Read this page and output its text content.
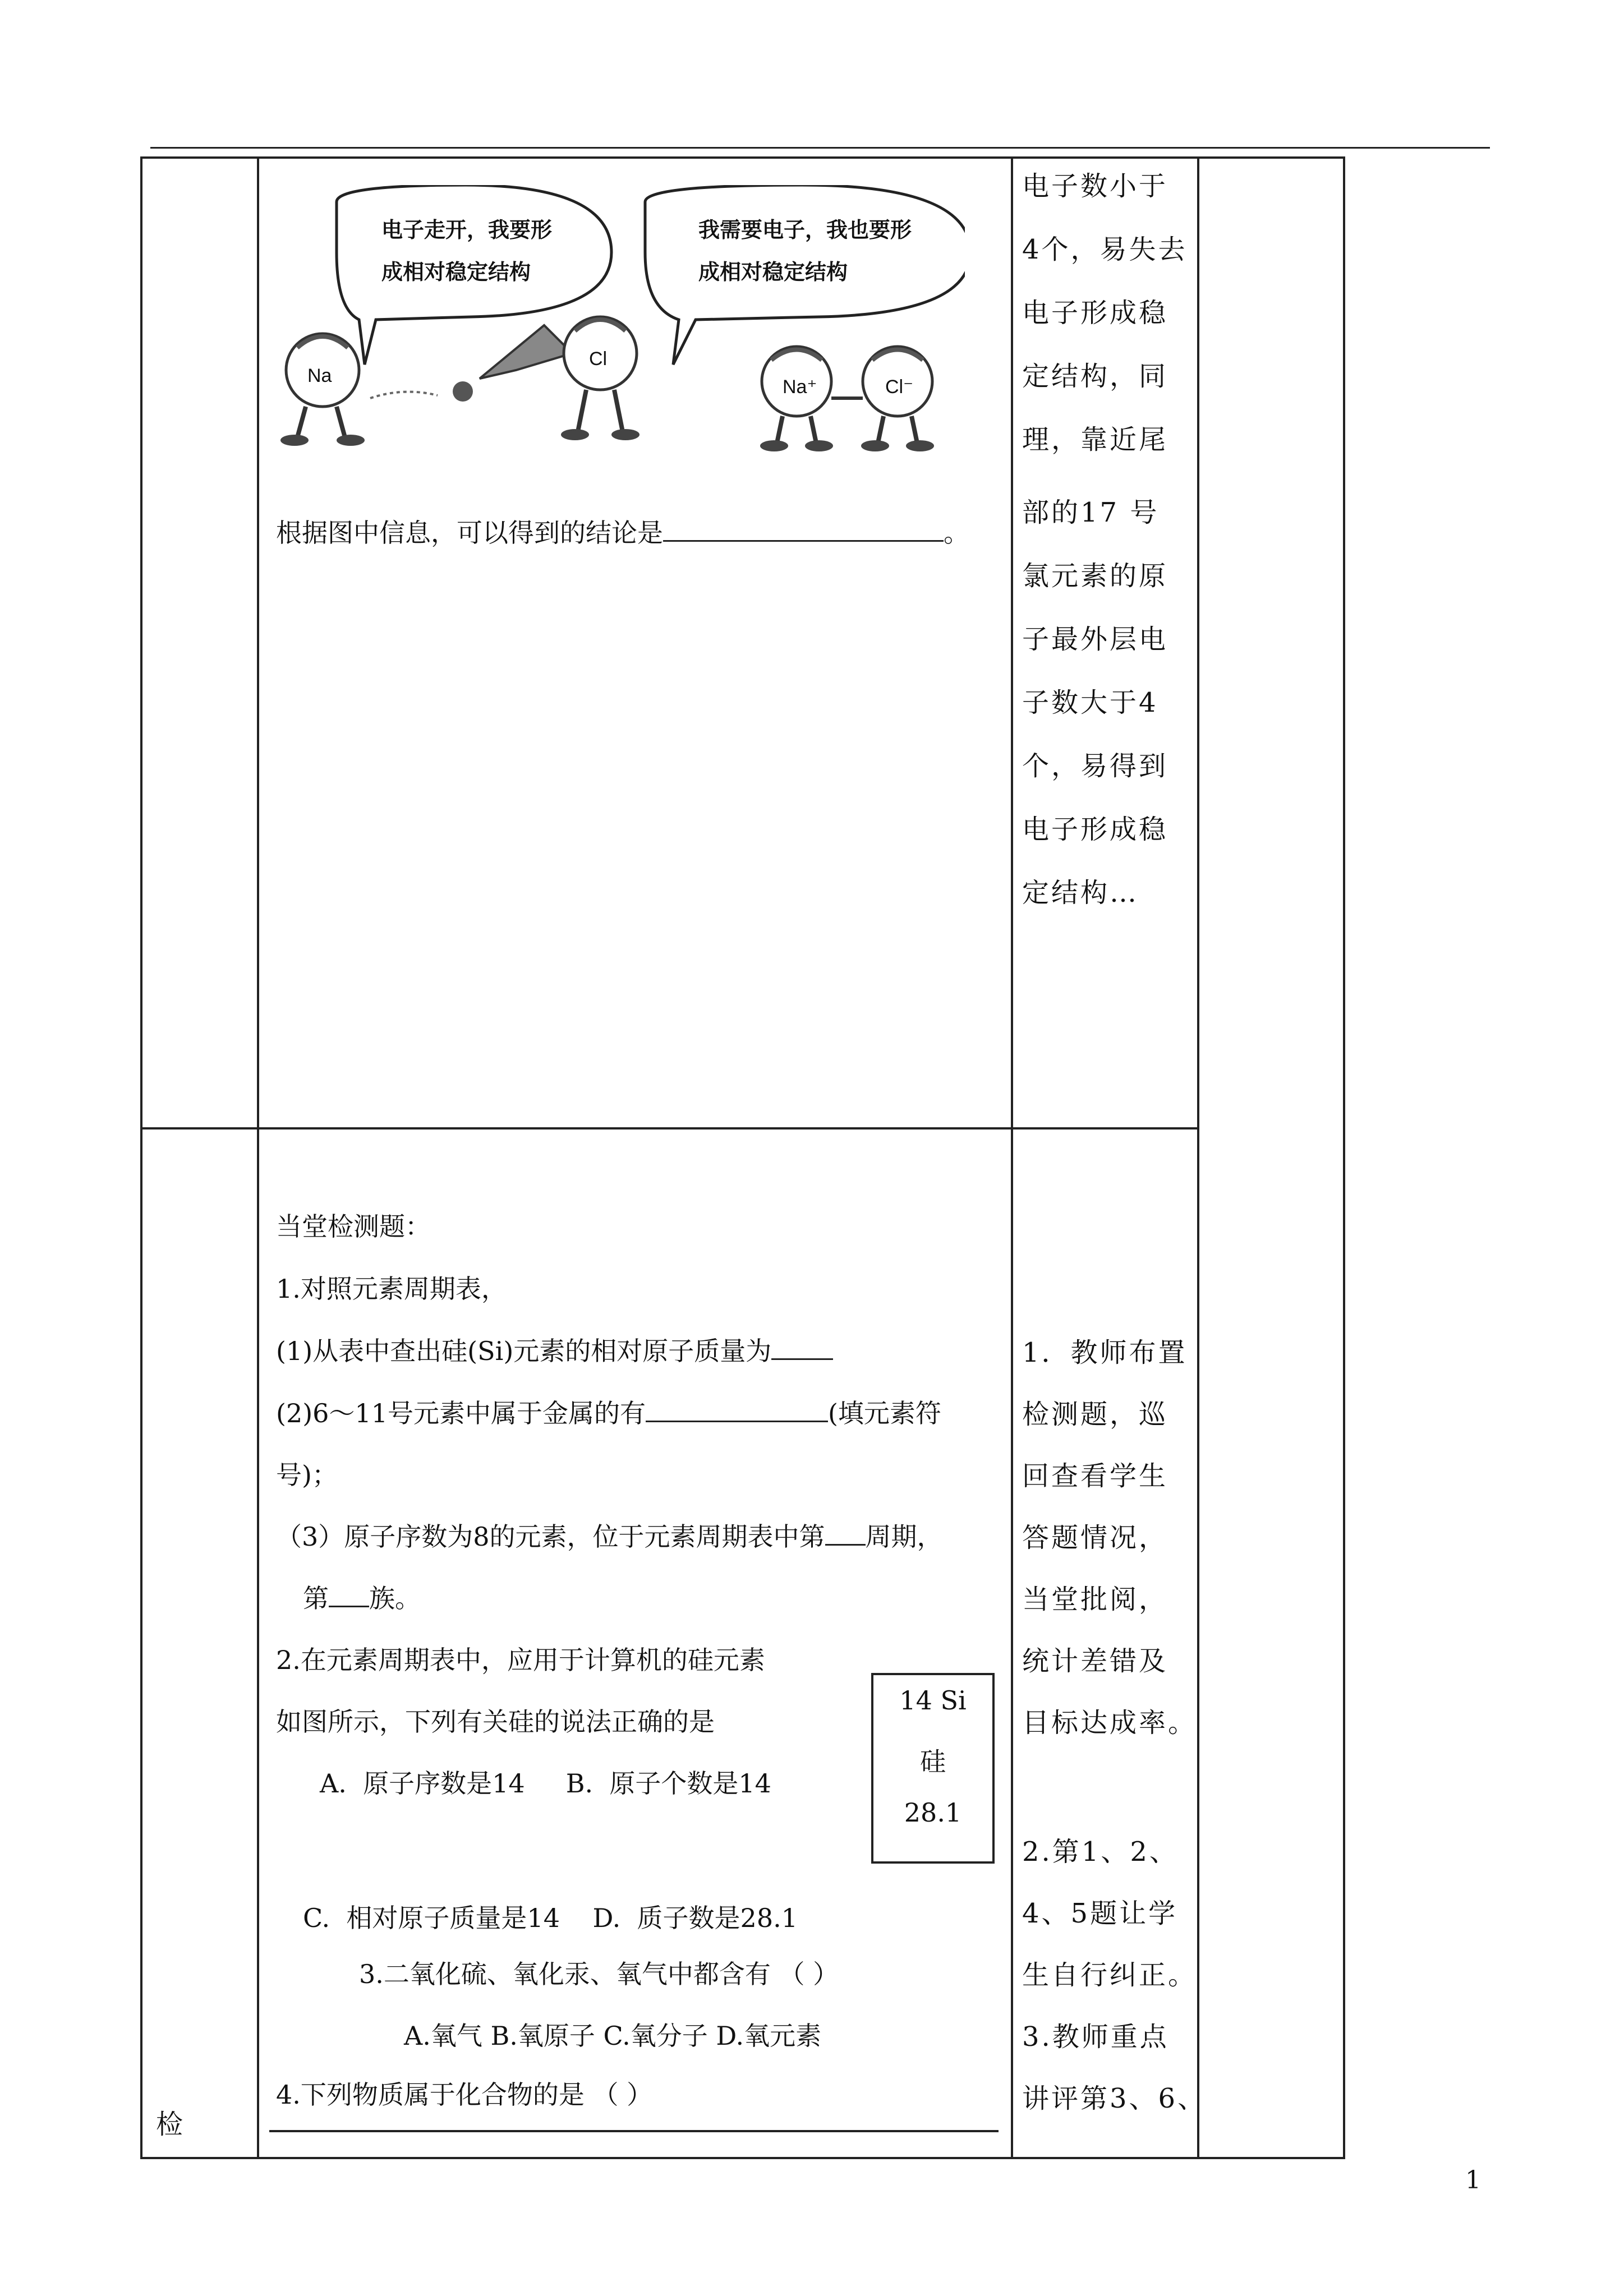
电子走开，我要形
成相对稳定结构
我需要电子，我也要形
成相对稳定结构
Na
Cl
Na⁺	Cl⁻
根据图中信息，可以得到的结论是	。
电子数小于
4个，易失去
电子形成稳
定结构，同
理，靠近尾
部的17 号
氯元素的原
子最外层电
子数大于4
个，易得到
电子形成稳
定结构…
检
当堂检测题：
1.对照元素周期表，
(1)从表中查出硅(Si)元素的相对原子质量为
(2)6～11号元素中属于金属的有	(填元素符
号)；
（3）原子序数为8的元素，位于元素周期表中第 周期，
第 族。
2.在元素周期表中，应用于计算机的硅元素
如图所示，下列有关硅的说法正确的是
A.  原子序数是14     B.  原子个数是14
14 Si
硅
28.1
C.  相对原子质量是14    D.  质子数是28.1
3.二氧化硫、氧化汞、氧气中都含有 （ ）
A.氧气 B.氧原子 C.氧分子 D.氧元素
4.下列物质属于化合物的是 （ ）
1．教师布置
检测题，巡
回查看学生
答题情况，
当堂批阅，
统计差错及
目标达成率。
2.第1、2、
4、5题让学
生自行纠正。
3.教师重点
讲评第3、6、
1
